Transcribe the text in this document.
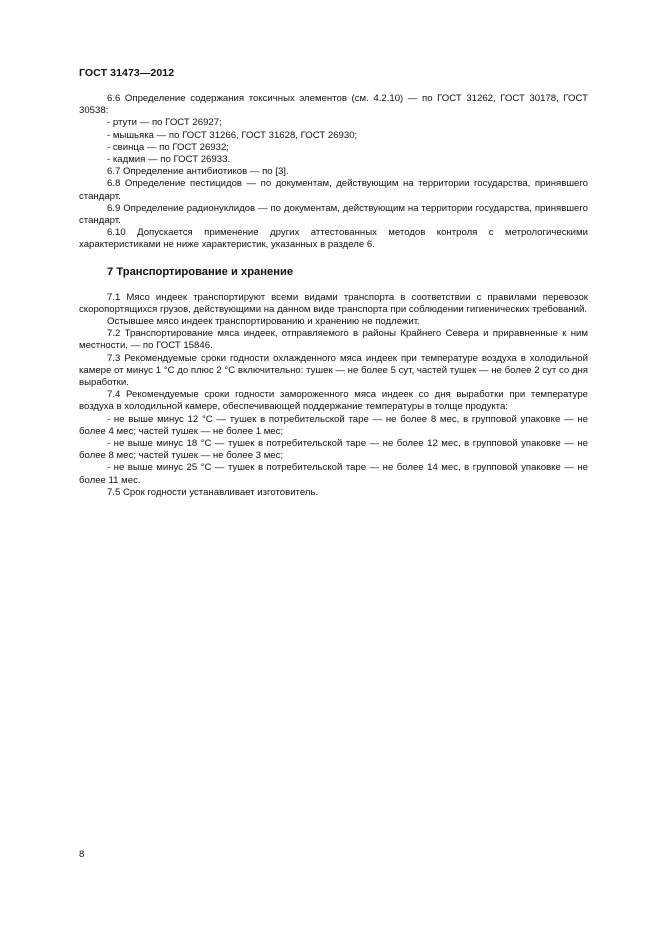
ГОСТ 31473—2012

6.6 Определение содержания токсичных элементов (см. 4.2.10) — по ГОСТ 31262, ГОСТ 30178, ГОСТ 30538:

- ртути — по ГОСТ 26927;

- мышьяка — по ГОСТ 31266, ГОСТ 31628, ГОСТ 26930;

- свинца — по ГОСТ 26932;

- кадмия — по ГОСТ 26933.

6.7 Определение антибиотиков — по [3].

6.8 Определение пестицидов — по документам, действующим на территории государства, принявшего стандарт.

6.9 Определение радионуклидов — по документам, действующим на территории государства, принявшего стандарт.

6.10 Допускается применение других аттестованных методов контроля с метрологическими характеристиками не ниже характеристик, указанных в разделе 6.

7 Транспортирование и хранение

7.1 Мясо индеек транспортируют всеми видами транспорта в соответствии с правилами перевозок скоропортящихся грузов, действующими на данном виде транспорта при соблюдении гигиенических требований.

Остывшее мясо индеек транспортированию и хранению не подлежит.

7.2 Транспортирование мяса индеек, отправляемого в районы Крайнего Севера и приравненные к ним местности, — по ГОСТ 15846.

7.3 Рекомендуемые сроки годности охлажденного мяса индеек при температуре воздуха в холодильной камере от минус 1 °С до плюс 2 °С включительно: тушек — не более 5 сут, частей тушек — не более 2 сут со дня выработки.

7.4 Рекомендуемые сроки годности замороженного мяса индеек со дня выработки при температуре воздуха в холодильной камере, обеспечивающей поддержание температуры в толще продукта:

- не выше минус 12 °С — тушек в потребительской таре — не более 8 мес, в групповой упаковке — не более 4 мес; частей тушек — не более 1 мес;

- не выше минус 18 °С — тушек в потребительской таре — не более 12 мес, в групповой упаковке — не более 8 мес; частей тушек — не более 3 мес;

- не выше минус 25 °С — тушек в потребительской таре — не более 14 мес, в групповой упаковке — не более 11 мес.

7.5 Срок годности устанавливает изготовитель.

8
